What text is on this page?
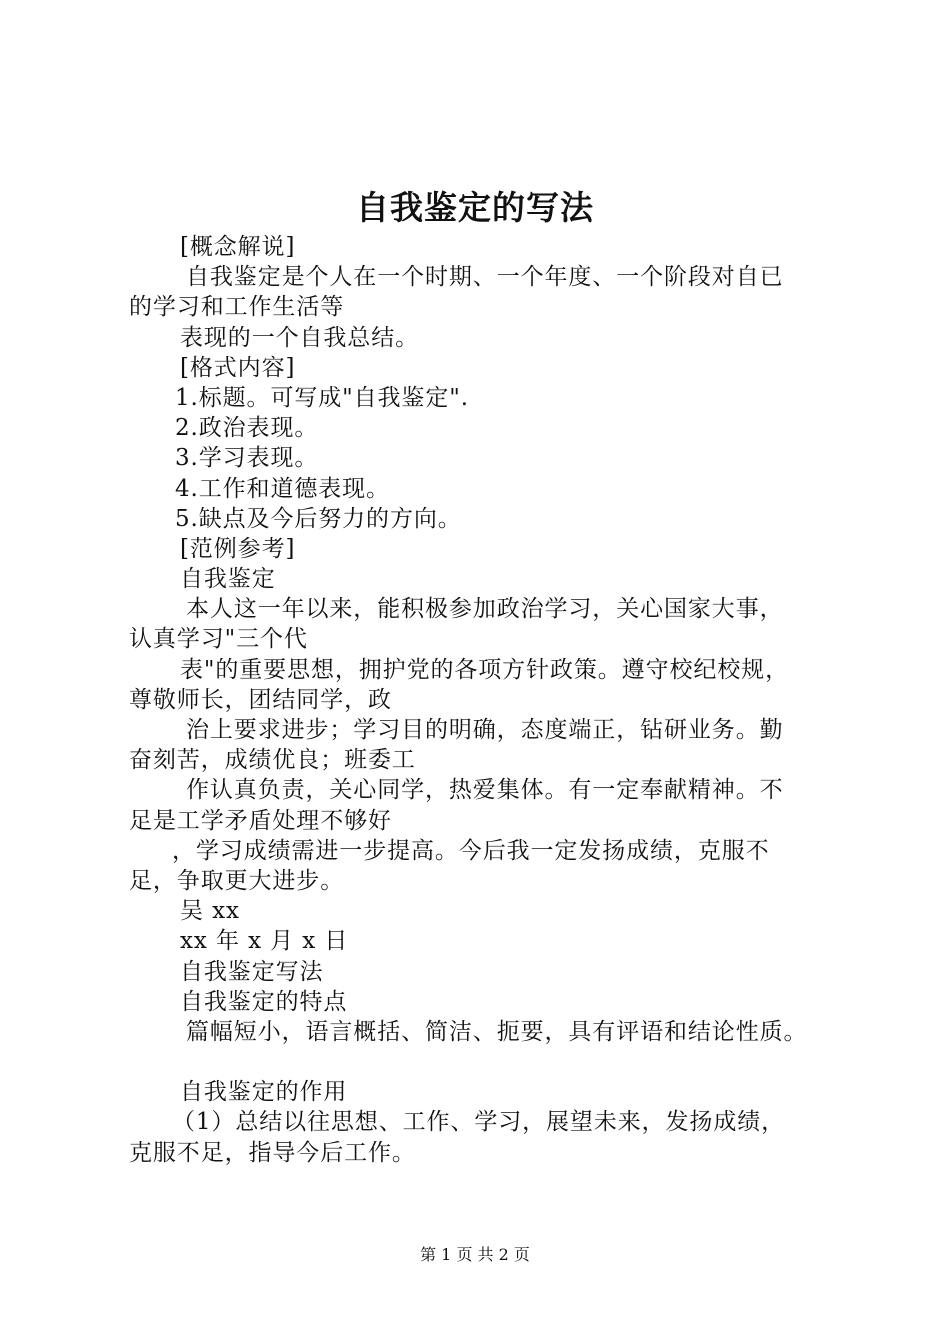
自我鉴定的写法
[概念解说]
自我鉴定是个人在一个时期、一个年度、一个阶段对自已
的学习和工作生活等
表现的一个自我总结。
[格式内容]
1.标题。可写成"自我鉴定".
2.政治表现。
3.学习表现。
4.工作和道德表现。
5.缺点及今后努力的方向。
[范例参考]
自我鉴定
本人这一年以来，能积极参加政治学习，关心国家大事，
认真学习"三个代
表"的重要思想，拥护党的各项方针政策。遵守校纪校规，
尊敬师长，团结同学，政
治上要求进步；学习目的明确，态度端正，钻研业务。勤
奋刻苦，成绩优良；班委工
作认真负责，关心同学，热爱集体。有一定奉献精神。不
足是工学矛盾处理不够好
，学习成绩需进一步提高。今后我一定发扬成绩，克服不
足，争取更大进步。
吴 xx
xx 年 x 月 x 日
自我鉴定写法
自我鉴定的特点
篇幅短小，语言概括、简洁、扼要，具有评语和结论性质。
自我鉴定的作用
（1）总结以往思想、工作、学习，展望未来，发扬成绩，
克服不足，指导今后工作。
第 1 页 共 2 页
